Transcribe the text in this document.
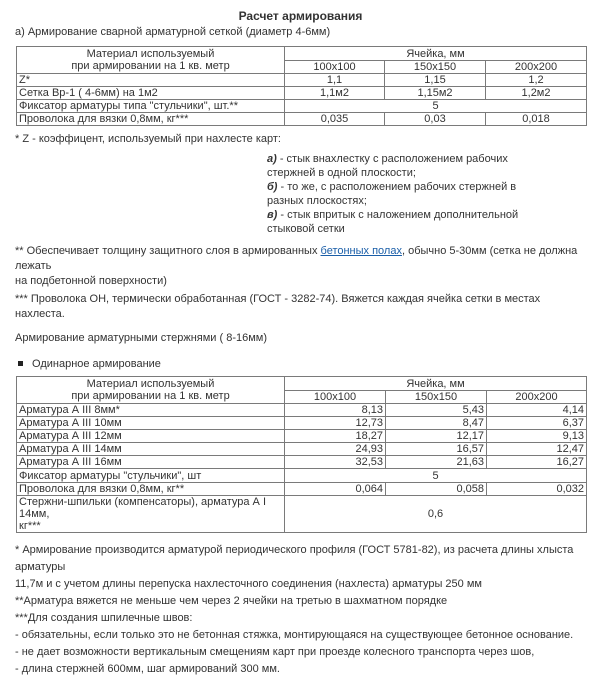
Расчет армирования

а) Армирование сварной арматурной сеткой (диаметр 4-6мм)

Материал используемый
при армировании на 1 кв. метр	Ячейка, мм		
	100х100	150х150	200х200
Z*	1,1	1,15	1,2
Сетка Вр-1 ( 4-6мм) на 1м2	1,1м2	1,15м2	1,2м2
Фиксатор арматуры типа "стульчики", шт.**	5		
Проволока для вязки 0,8мм, кг***	0,035	0,03	0,018

* Z - коэффицент, используемый при нахлесте карт:

а) - стык внахлестку с расположением рабочих
стержней в одной плоскости;
б) - то же, с расположением рабочих стержней в
разных плоскостях;
в) - стык впритык с наложением дополнительной
стыковой сетки

** Обеспечивает толщину защитного слоя в армированных бетонных полах, обычно 5-30мм (сетка не должна лежать

на подбетонной поверхности)

*** Проволока ОН, термически обработанная (ГОСТ - 3282-74). Вяжется каждая ячейка сетки в местах нахлеста.

Армирование арматурными стержнями ( 8-16мм)

Одинарное армирование

Материал используемый
при армировании на 1 кв. метр	Ячейка, мм		
	100х100	150х150	200х200
Арматура А III 8мм*	8,13	5,43	4,14
Арматура А III 10мм	12,73	8,47	6,37
Арматура А III 12мм	18,27	12,17	9,13
Арматура А III 14мм	24,93	16,57	12,47
Арматура А III 16мм	32,53	21,63	16,27
Фиксатор арматуры "стульчики", шт	5		
Проволока для вязки 0,8мм, кг**	0,064	0,058	0,032

Стержни-шпильки (компенсаторы), арматура А I 14мм,
кг***	0,6		
* Армирование производится арматурой периодического профиля (ГОСТ 5781-82), из расчета длины хлыста арматуры
11,7м и с учетом длины перепуска нахлесточного соединения (нахлеста) арматуры 250 мм
**Арматура вяжется не меньше чем через 2 ячейки на третью в шахматном порядке
***Для создания шпилечные швов:
- обязательны, если только это не бетонная стяжка, монтирующаяся на существующее бетонное основание.
- не дает возможности вертикальным смещениям карт при проезде колесного транспорта через шов,
- длина стержней 600мм, шаг армирований 300 мм.
